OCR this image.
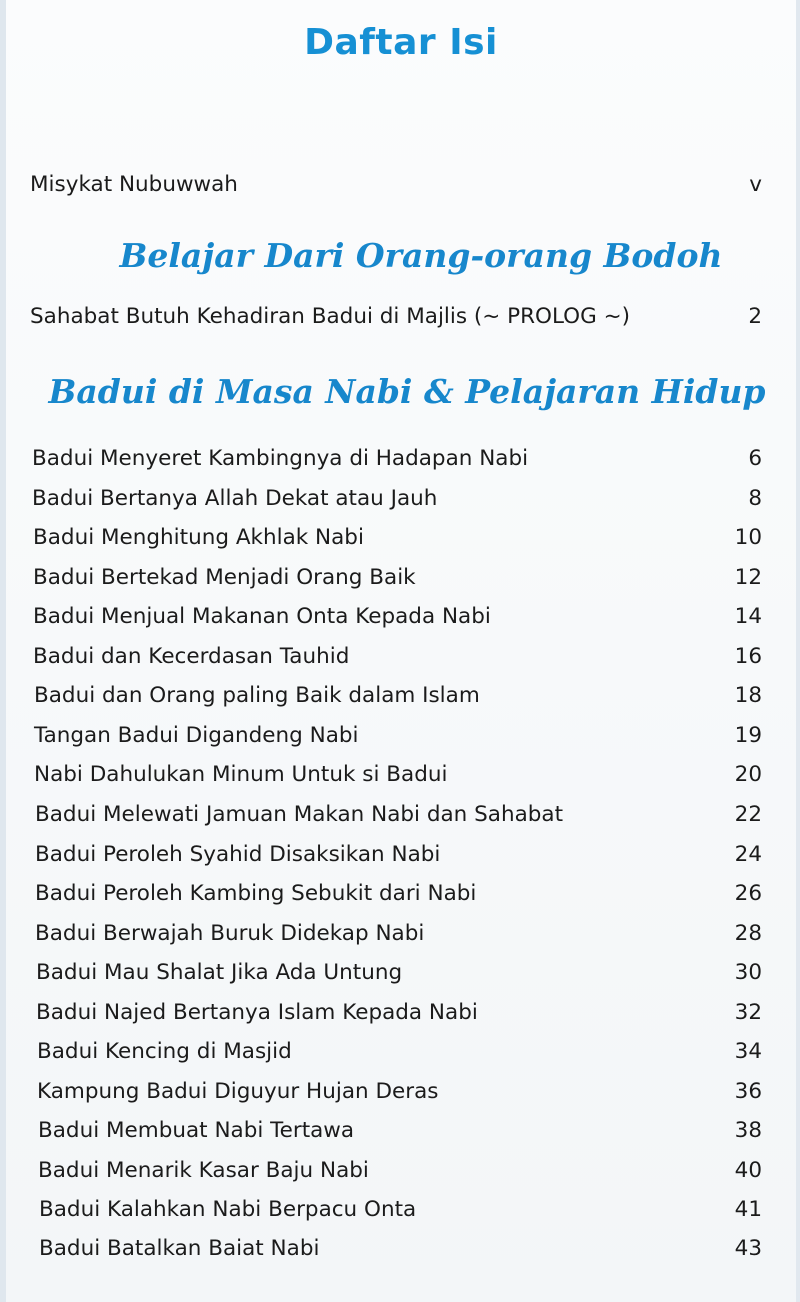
Daftar Isi
Misykat Nubuwwah	v
Belajar Dari Orang-orang Bodoh
Sahabat Butuh Kehadiran Badui di Majlis (~ PROLOG ~)	2
Badui di Masa Nabi & Pelajaran Hidup
Badui Menyeret Kambingnya di Hadapan Nabi	6
Badui Bertanya Allah Dekat atau Jauh	8
Badui Menghitung Akhlak Nabi	10
Badui Bertekad Menjadi Orang Baik	12
Badui Menjual Makanan Onta Kepada Nabi	14
Badui dan Kecerdasan Tauhid	16
Badui dan Orang paling Baik dalam Islam	18
Tangan Badui Digandeng Nabi	19
Nabi Dahulukan Minum Untuk si Badui	20
Badui Melewati Jamuan Makan Nabi dan Sahabat	22
Badui Peroleh Syahid Disaksikan Nabi	24
Badui Peroleh Kambing Sebukit dari Nabi	26
Badui Berwajah Buruk Didekap Nabi	28
Badui Mau Shalat Jika Ada Untung	30
Badui Najed Bertanya Islam Kepada Nabi	32
Badui Kencing di Masjid	34
Kampung Badui Diguyur Hujan Deras	36
Badui Membuat Nabi Tertawa	38
Badui Menarik Kasar Baju Nabi	40
Badui Kalahkan Nabi Berpacu Onta	41
Badui Batalkan Baiat Nabi	43
